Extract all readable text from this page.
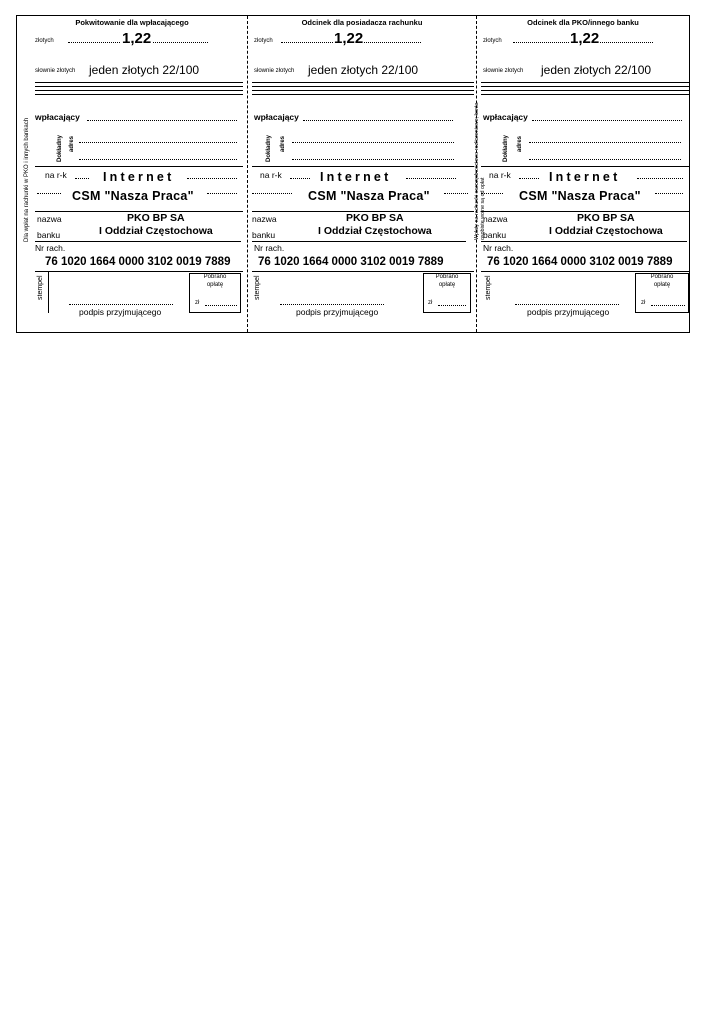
Pokwitowanie dla wpłacającego
złotych	1,22
słownie złotych jeden złotych 22/100
Dla wpłat na rachunki w PKO i innych bankach
wpłacający
Dokładny adres
na r-k	Internet
CSM "Nasza Praca"
nazwa	PKO BP SA
banku	I Oddział Częstochowa
Nr rach.
76 1020 1664 0000 3102 0019 7889
stempel	Pobrano
opłatę
zł
podpis przyjmującego
Odcinek dla posiadacza rachunku
złotych	1,22
słownie złotych jeden złotych 22/100
wpłacający
Dokładny adres
na r-k	Internet
CSM "Nasza Praca"
nazwa	PKO BP SA
banku	I Oddział Częstochowa
Nr rach.
76 1020 1664 0000 3102 0019 7889
stempel	Pobrano
opłatę
zł
podpis przyjmującego
Wpłaty na rachunki oszczędnościowo-rozliczeniowe; konta osobiste wolne są od opłat
Odcinek dla PKO/innego banku
złotych	1,22
słownie złotych jeden złotych 22/100
wpłacający
Dokładny adres
na r-k	Internet
CSM "Nasza Praca"
nazwa	PKO BP SA
banku	I Oddział Częstochowa
Nr rach.
76 1020 1664 0000 3102 0019 7889
stempel	Pobrano
opłatę
zł
podpis przyjmującego
